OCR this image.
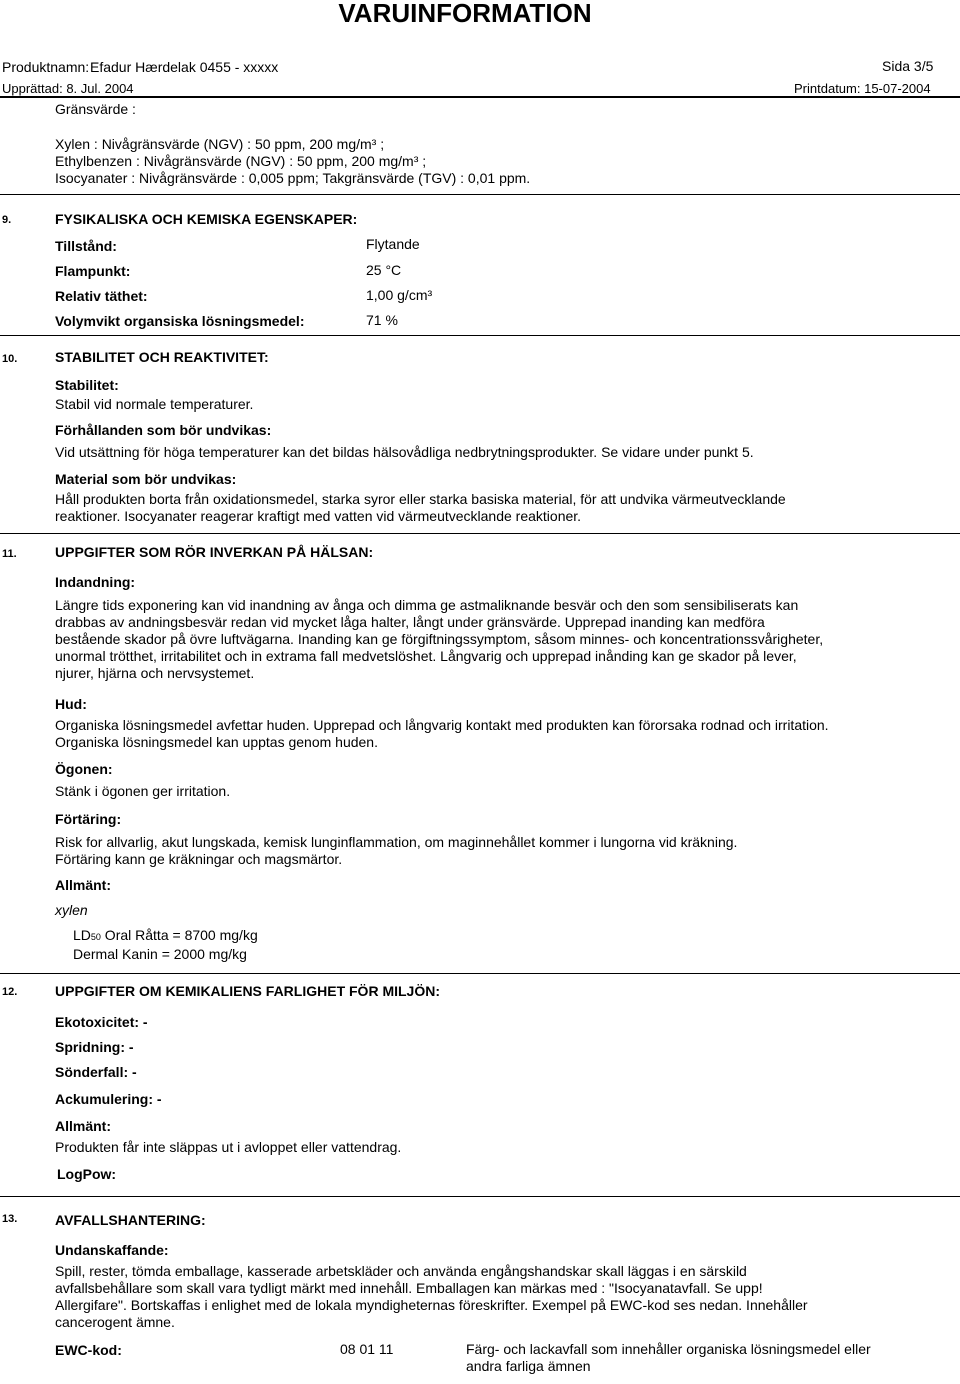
VARUINFORMATION
Produktnamn: Efadur Hærdelak 0455 - xxxxx	Sida 3/5
Upprättad: 8. Jul. 2004	Printdatum: 15-07-2004
Gränsvärde :
Xylen : Nivågränsvärde (NGV) : 50 ppm, 200 mg/m³ ;
Ethylbenzen : Nivågränsvärde (NGV) : 50 ppm, 200 mg/m³ ;
Isocyanater : Nivågränsvärde : 0,005 ppm; Takgränsvärde (TGV) : 0,01 ppm.
9.	FYSIKALISKA OCH KEMISKA EGENSKAPER:
Tillstånd:	Flytande
Flampunkt:	25 °C
Relativ täthet:	1,00 g/cm³
Volymvikt organsiska lösningsmedel:	71 %
10.	STABILITET OCH REAKTIVITET:
Stabilitet:
Stabil vid normale temperaturer.
Förhållanden som bör undvikas:
Vid utsättning för höga temperaturer kan det bildas hälsovådliga nedbrytningsprodukter. Se vidare under punkt 5.
Material som bör undvikas:
Håll produkten borta från oxidationsmedel, starka syror eller starka basiska material, för att undvika värmeutvecklande reaktioner. Isocyanater reagerar kraftigt med vatten vid värmeutvecklande reaktioner.
11.	UPPGIFTER SOM RÖR INVERKAN PÅ HÄLSAN:
Indandning:
Längre tids exponering kan vid inandning av ånga och dimma ge astmaliknande besvär och den som sensibiliserats kan drabbas av andningsbesvär redan vid mycket låga halter, långt under gränsvärde. Upprepad inanding kan medföra bestående skador på övre luftvägarna. Inanding kan ge förgiftningssymptom, såsom minnes- och koncentrationssvårigheter, unormal trötthet, irritabilitet och in extrama fall medvetslöshet. Långvarig och upprepad inånding kan ge skador på lever, njurer, hjärna och nervsystemet.
Hud:
Organiska lösningsmedel avfettar huden. Upprepad och långvarig kontakt med produkten kan förorsaka rodnad och irritation. Organiska lösningsmedel kan upptas genom huden.
Ögonen:
Stänk i ögonen ger irritation.
Förtäring:
Risk for allvarlig, akut lungskada, kemisk lunginflammation, om maginnehållet kommer i lungorna vid kräkning. Förtäring kann ge kräkningar och magsmärtor.
Allmänt:
xylen
LD50 Oral Råtta = 8700 mg/kg
Dermal Kanin = 2000 mg/kg
12.	UPPGIFTER OM KEMIKALIENS FARLIGHET FÖR MILJÖN:
Ekotoxicitet: -
Spridning: -
Sönderfall: -
Ackumulering: -
Allmänt:
Produkten får inte släppas ut i avloppet eller vattendrag.
LogPow:
13.	AVFALLSHANTERING:
Undanskaffande:
Spill, rester, tömda emballage, kasserade arbetskläder och använda engångshandskar skall läggas i en särskild avfallsbehållare som skall vara tydligt märkt med innehåll. Emballagen kan märkas med : "Isocyanatavfall. Se upp! Allergifare". Bortskaffas i enlighet med de lokala myndigheternas föreskrifter. Exempel på EWC-kod ses nedan. Innehåller cancerogent ämne.
EWC-kod:	08 01 11	Färg- och lackavfall som innehåller organiska lösningsmedel eller andra farliga ämnen
